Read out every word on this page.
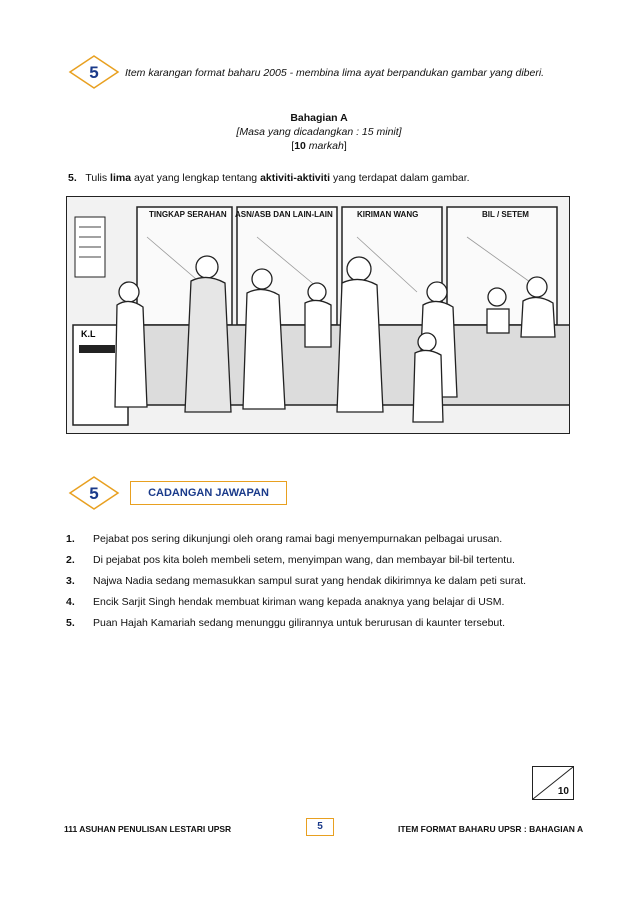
5	Item karangan format baharu 2005 - membina lima ayat berpandukan gambar yang diberi.
Bahagian A
[Masa yang dicadangkan : 15 minit]
[10 markah]
5. Tulis lima ayat yang lengkap tentang aktiviti-aktiviti yang terdapat dalam gambar.
TINGKAP SERAHAN ASN/ASB DAN LAIN-LAIN	KIRIMAN WANG	BIL / SETEM
K.L
5	CADANGAN JAWAPAN
1.	Pejabat pos sering dikunjungi oleh orang ramai bagi menyempurnakan pelbagai urusan.
2.	Di pejabat pos kita boleh membeli setem, menyimpan wang, dan membayar bil-bil tertentu.
3.	Najwa Nadia sedang memasukkan sampul surat yang hendak dikirimnya ke dalam peti surat.
4.	Encik Sarjit Singh hendak membuat kiriman wang kepada anaknya yang belajar di USM.
5.	Puan Hajah Kamariah sedang menunggu gilirannya untuk berurusan di kaunter tersebut.
10
111 ASUHAN PENULISAN LESTARI UPSR	5	ITEM FORMAT BAHARU UPSR : BAHAGIAN A
